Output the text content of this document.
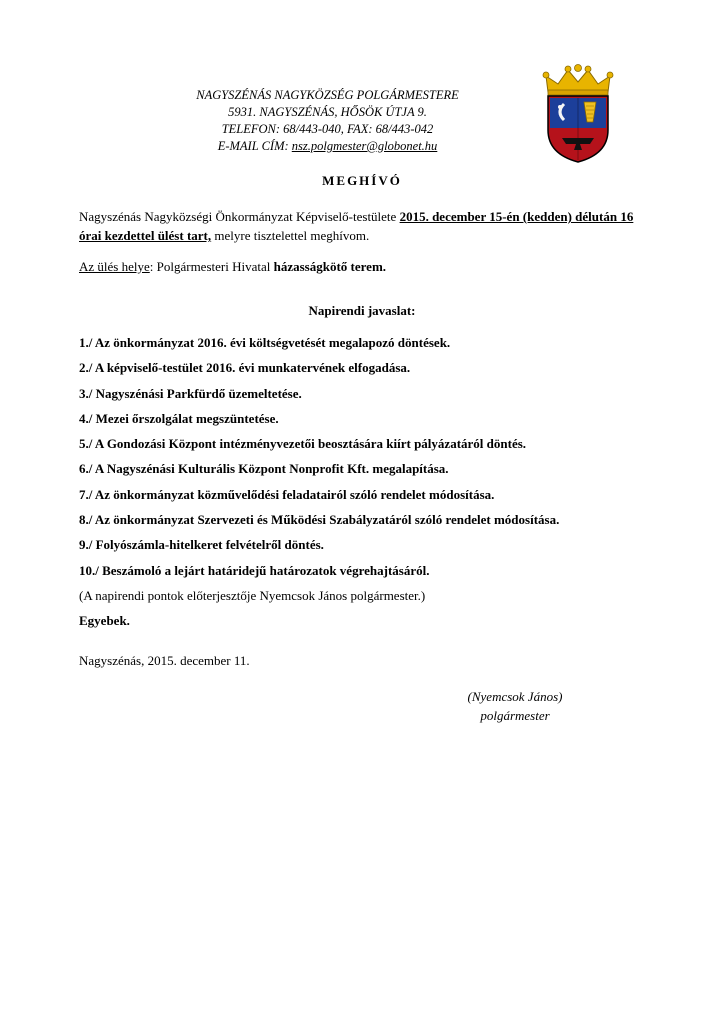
NAGYSZÉNÁS NAGYKÖZSÉG POLGÁRMESTERE
5931. NAGYSZÉNÁS, HŐSÖK ÚTJA 9.
TELEFON: 68/443-040, FAX: 68/443-042
E-MAIL CÍM: nsz.polgmester@globonet.hu
MEGHÍVÓ
Nagyszénás Nagyközségi Önkormányzat Képviselő-testülete 2015. december 15-én (kedden) délután 16 órai kezdettel ülést tart, melyre tisztelettel meghívom.
Az ülés helye: Polgármesteri Hivatal házasságkötő terem.
Napirendi javaslat:
1./ Az önkormányzat 2016. évi költségvetését megalapozó döntések.
2./ A képviselő-testület 2016. évi munkatervének elfogadása.
3./ Nagyszénási Parkfürdő üzemeltetése.
4./ Mezei őrszolgálat megszüntetése.
5./ A Gondozási Központ intézményvezetői beosztására kiírt pályázatáról döntés.
6./ A Nagyszénási Kulturális Központ Nonprofit Kft. megalapítása.
7./ Az önkormányzat közművelődési feladatairól szóló rendelet módosítása.
8./ Az önkormányzat Szervezeti és Működési Szabályzatáról szóló rendelet módosítása.
9./ Folyószámla-hitelkeret felvételről döntés.
10./ Beszámoló a lejárt határidejű határozatok végrehajtásáról.
(A napirendi pontok előterjesztője Nyemcsok János polgármester.)
Egyebek.
Nagyszénás, 2015. december 11.
(Nyemcsok János)
polgármester
